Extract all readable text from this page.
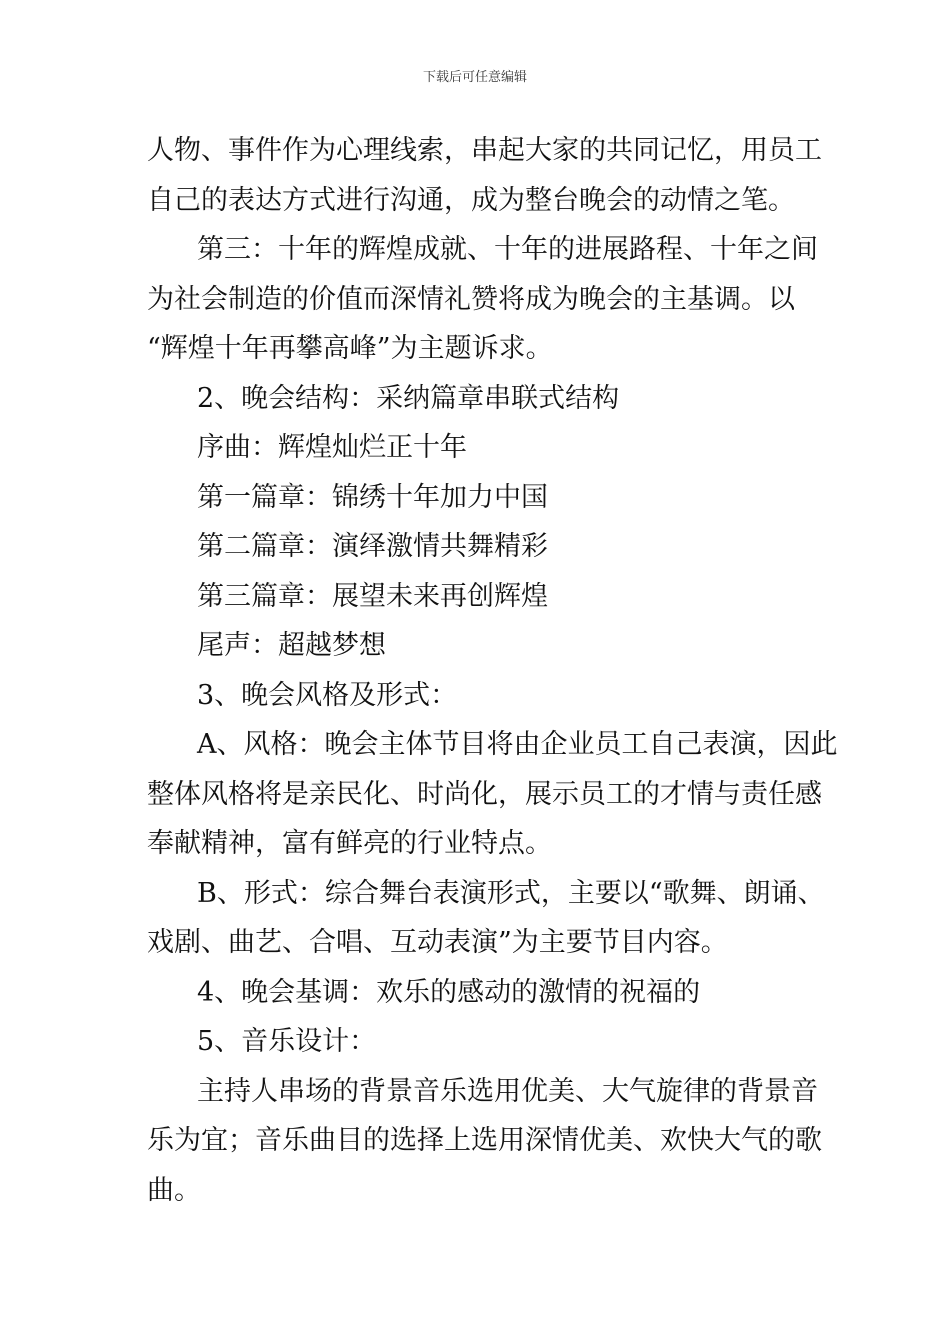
下载后可任意编辑
人物、事件作为心理线索，串起大家的共同记忆，用员工
自己的表达方式进行沟通，成为整台晚会的动情之笔。
第三：十年的辉煌成就、十年的进展路程、十年之间
为社会制造的价值而深情礼赞将成为晚会的主基调。以
“辉煌十年再攀高峰”为主题诉求。
2、晚会结构：采纳篇章串联式结构
序曲：辉煌灿烂正十年
第一篇章：锦绣十年加力中国
第二篇章：演绎激情共舞精彩
第三篇章：展望未来再创辉煌
尾声：超越梦想
3、晚会风格及形式：
A、风格：晚会主体节目将由企业员工自己表演，因此
整体风格将是亲民化、时尚化，展示员工的才情与责任感
奉献精神，富有鲜亮的行业特点。
B、形式：综合舞台表演形式，主要以“歌舞、朗诵、
戏剧、曲艺、合唱、互动表演”为主要节目内容。
4、晚会基调：欢乐的感动的激情的祝福的
5、音乐设计：
主持人串场的背景音乐选用优美、大气旋律的背景音
乐为宜；音乐曲目的选择上选用深情优美、欢快大气的歌
曲。
